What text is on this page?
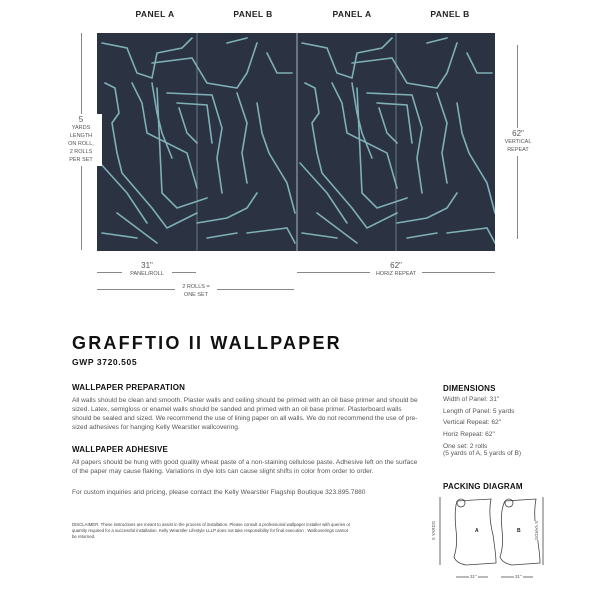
PANEL A	PANEL B	PANEL A	PANEL B
5
YARDS
LENGTH
ON ROLL,
2 ROLLS
PER SET
62"
VERTICAL
REPEAT
31"
PANEL/ROLL
62"
HORIZ REPEAT
2 ROLLS =
ONE SET
GRAFFTIO II WALLPAPER
GWP 3720.505
WALLPAPER PREPARATION
All walls should be clean and smooth. Plaster walls and ceiling should be primed with an oil base primer and should be sized. Latex, semigloss or enamel walls should be sanded and primed with an oil base primer. Plasterboard walls should be sealed and sized. We recommend the use of lining paper on all walls. We do not recommend the use of pre-sized adhesives for hanging Kelly Wearstler wallcovering.
WALLPAPER ADHESIVE
All papers should be hung with good quality wheat paste of a non-staining cellulose paste. Adhesive left on the surface of the paper may cause flaking. Variations in dye lots can cause slight shifts in color from order to order.
For custom inquiries and pricing, please contact the Kelly Wearstler Flagship Boutique 323.895.7880
DISCLAIMER These instructions are meant to assist in the process of installation. Please consult a professional wallpaper installer with queries or quantity required for a successful installation. Kelly Wearstler Lifestyle LLLP does not take responsibility for final execution . Wallcoverings cannot be returned.
DIMENSIONS
Width of Panel: 31"
Length of Panel: 5 yards
Vertical Repeat: 62"
Horiz Repeat: 62"
One set: 2 rolls
(5 yards of A, 5 yards of B)
PACKING DIAGRAM
A	B
5 YARDS	5 YARDS
31"	31"
